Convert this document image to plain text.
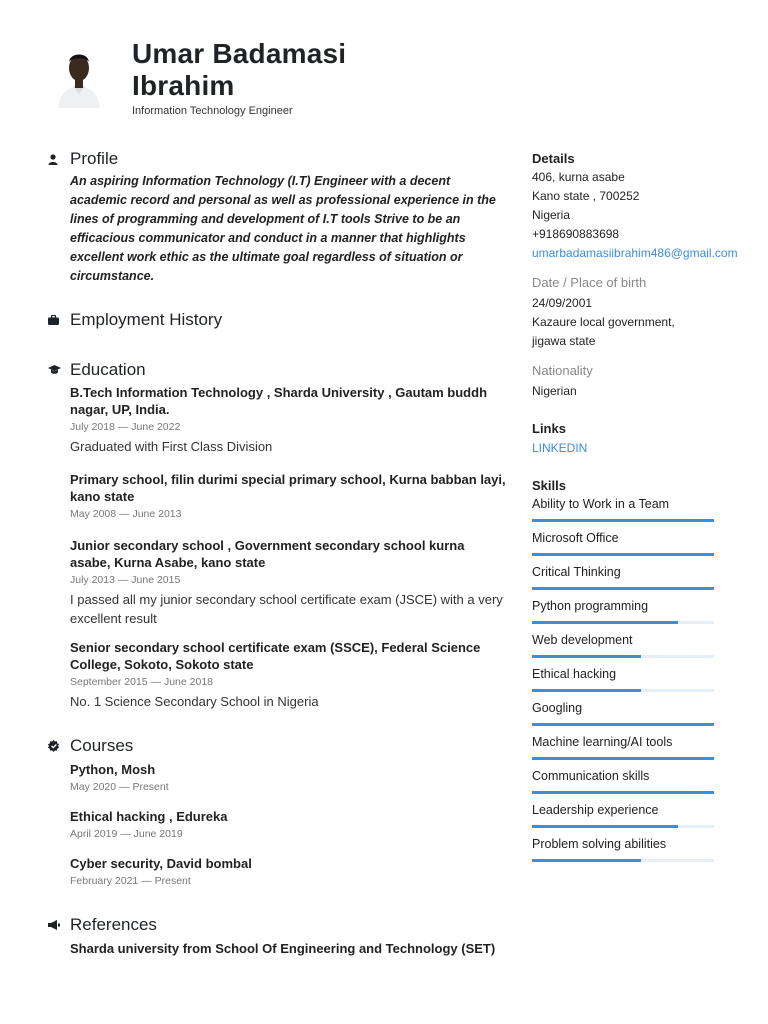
Umar Badamasi
Ibrahim
Information Technology Engineer
Profile
An aspiring Information Technology (I.T) Engineer with a decent academic record and personal as well as professional experience in the lines of programming and development of I.T tools Strive to be an efficacious communicator and conduct in a manner that highlights excellent work ethic as the ultimate goal regardless of situation or circumstance.
Employment History
Education
B.Tech Information Technology , Sharda University , Gautam buddh nagar, UP, India.
July 2018 — June 2022
Graduated with First Class Division
Primary school, filin durimi special primary school, Kurna babban layi, kano state
May 2008 — June 2013
Junior secondary school , Government secondary school kurna asabe, Kurna Asabe, kano state
July 2013 — June 2015
I passed all my junior secondary school certificate exam (JSCE) with a very excellent result
Senior secondary school certificate exam (SSCE), Federal Science College, Sokoto, Sokoto state
September 2015 — June 2018
No. 1 Science Secondary School in Nigeria
Courses
Python, Mosh
May 2020 — Present
Ethical hacking , Edureka
April 2019 — June 2019
Cyber security, David bombal
February 2021 — Present
References
Sharda university from School Of Engineering and Technology (SET)
Details
406, kurna asabe
Kano state , 700252
Nigeria
+918690883698
umarbadamasiibrahim486@gmail.com
Date / Place of birth
24/09/2001
Kazaure local government,
jigawa state
Nationality
Nigerian
Links
LINKEDIN
Skills
Ability to Work in a Team
Microsoft Office
Critical Thinking
Python programming
Web development
Ethical hacking
Googling
Machine learning/AI tools
Communication skills
Leadership experience
Problem solving abilities
